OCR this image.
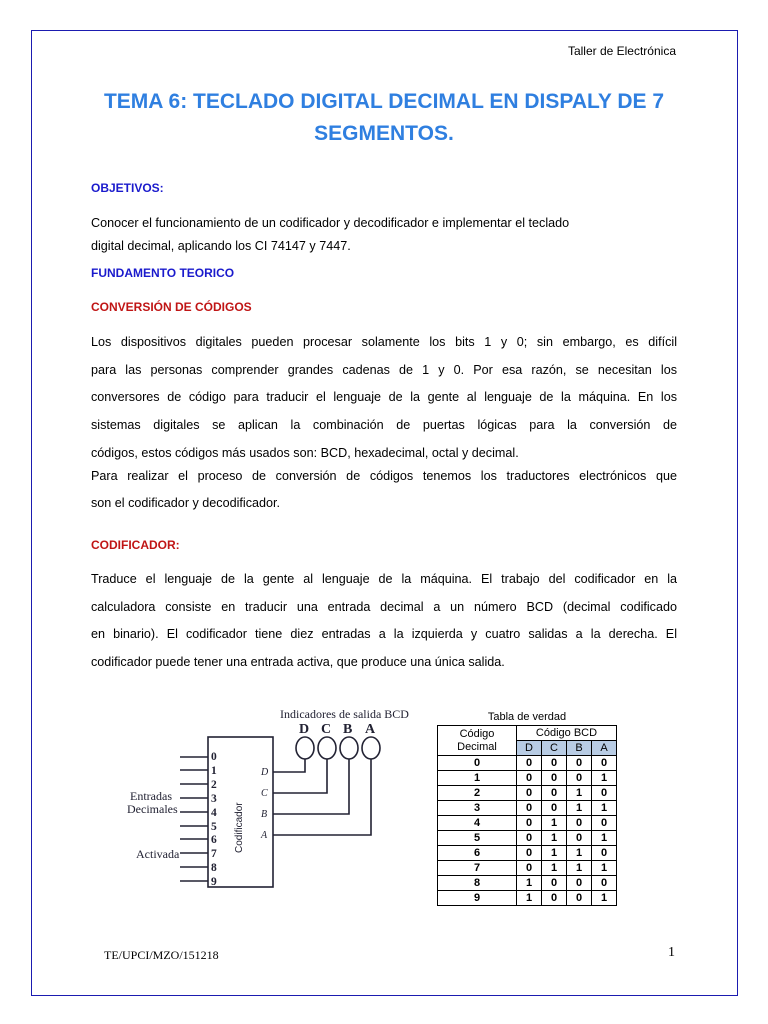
Taller de Electrónica
TEMA 6: TECLADO DIGITAL DECIMAL EN DISPALY DE 7
SEGMENTOS.
OBJETIVOS:
Conocer el funcionamiento de un codificador y decodificador e implementar el teclado
digital decimal, aplicando los CI 74147 y 7447.
FUNDAMENTO TEORICO
CONVERSIÓN DE CÓDIGOS
Los dispositivos digitales pueden procesar solamente los bits 1 y 0; sin embargo, es difícil
para las personas comprender grandes cadenas de 1 y 0. Por esa razón, se necesitan los
conversores de código para traducir el lenguaje de la gente al lenguaje de la máquina. En los
sistemas digitales se aplican la combinación de puertas lógicas para la conversión de
códigos, estos códigos más usados son: BCD, hexadecimal, octal y decimal.
Para realizar el proceso de conversión de códigos tenemos los traductores electrónicos que
son el codificador y decodificador.
CODIFICADOR:
Traduce el lenguaje de la gente al lenguaje de la máquina. El trabajo del codificador en la
calculadora consiste en traducir una entrada decimal a un número BCD (decimal codificado
en binario). El codificador tiene diez entradas a la izquierda y cuatro salidas a la derecha. El
codificador puede tener una entrada activa, que produce una única salida.
Indicadores de salida BCD
D C B A
0
1
2
3
4
5
6
7
8
9
D
C
B
A
Codificador
Entradas
Decimales
Activada
Tabla de verdad
Código
Decimal	Código BCD			
	D	C	B	A
0	0	0	0	0
1	0	0	0	1
2	0	0	1	0
3	0	0	1	1
4	0	1	0	0
5	0	1	0	1
6	0	1	1	0
7	0	1	1	1
8	1	0	0	0
9	1	0	0	1
TE/UPCI/MZO/151218	1
